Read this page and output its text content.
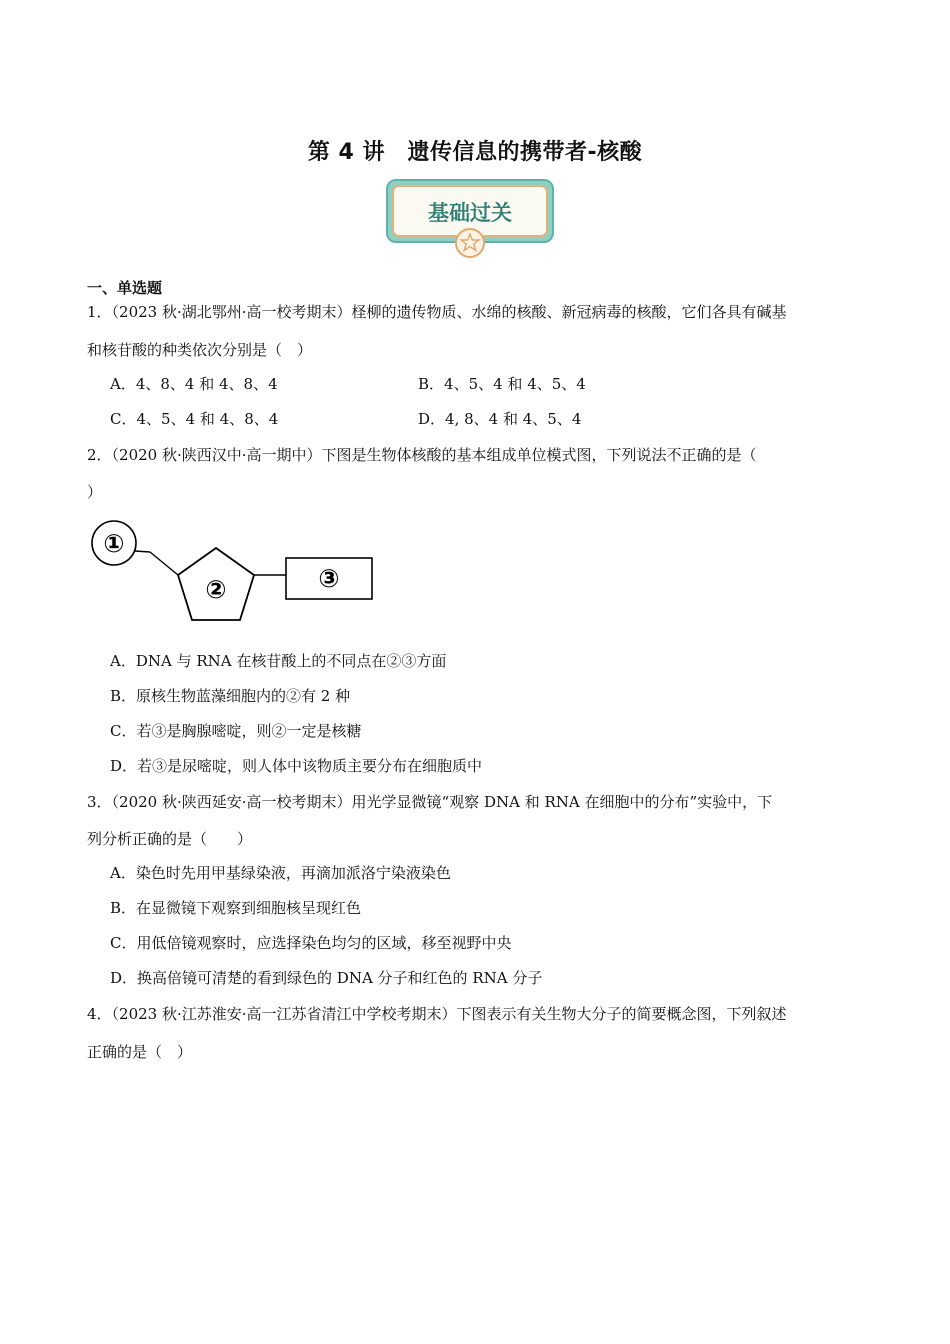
第 4 讲　遗传信息的携带者-核酸
基础过关
一、单选题
1．（2023 秋·湖北鄂州·高一校考期末）柽柳的遗传物质、水绵的核酸、新冠病毒的核酸，它们各具有碱基
和核苷酸的种类依次分别是（　）
A．4、8、4 和 4、8、4	B．4、5、4 和 4、5、4
C．4、5、4 和 4、8、4	D．4, 8、4 和 4、5、4
2．（2020 秋·陕西汉中·高一期中）下图是生物体核酸的基本组成单位模式图，下列说法不正确的是（
）
①
②	③
A．DNA 与 RNA 在核苷酸上的不同点在②③方面
B．原核生物蓝藻细胞内的②有 2 种
C．若③是胸腺嘧啶，则②一定是核糖
D．若③是尿嘧啶，则人体中该物质主要分布在细胞质中
3．（2020 秋·陕西延安·高一校考期末）用光学显微镜“观察 DNA 和 RNA 在细胞中的分布”实验中，下
列分析正确的是（　　）
A．染色时先用甲基绿染液，再滴加派洛宁染液染色
B．在显微镜下观察到细胞核呈现红色
C．用低倍镜观察时，应选择染色均匀的区域，移至视野中央
D．换高倍镜可清楚的看到绿色的 DNA 分子和红色的 RNA 分子
4．（2023 秋·江苏淮安·高一江苏省清江中学校考期末）下图表示有关生物大分子的简要概念图，下列叙述
正确的是（　）
